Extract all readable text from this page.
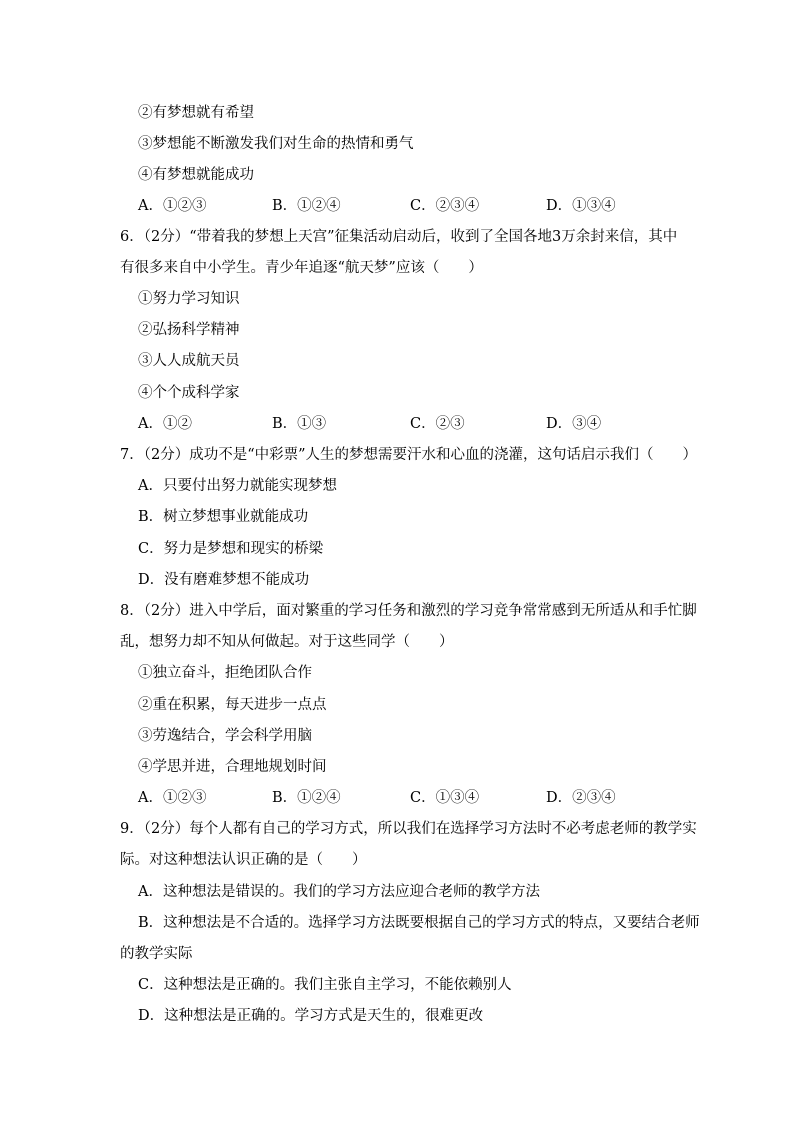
②有梦想就有希望
③梦想能不断激发我们对生命的热情和勇气
④有梦想就能成功
A．①②③	B．①②④	C．②③④	D．①③④
6．（2分）“带着我的梦想上天宫”征集活动启动后，收到了全国各地3万余封来信，其中
有很多来自中小学生。青少年追逐“航天梦”应该（　　）
①努力学习知识
②弘扬科学精神
③人人成航天员
④个个成科学家
A．①②	B．①③	C．②③	D．③④
7．（2分）成功不是“中彩票”人生的梦想需要汗水和心血的浇灌，这句话启示我们（　　）
A．只要付出努力就能实现梦想
B．树立梦想事业就能成功
C．努力是梦想和现实的桥梁
D．没有磨难梦想不能成功
8．（2分）进入中学后，面对繁重的学习任务和激烈的学习竞争常常感到无所适从和手忙脚
乱，想努力却不知从何做起。对于这些同学（　　）
①独立奋斗，拒绝团队合作
②重在积累，每天进步一点点
③劳逸结合，学会科学用脑
④学思并进，合理地规划时间
A．①②③	B．①②④	C．①③④	D．②③④
9．（2分）每个人都有自己的学习方式，所以我们在选择学习方法时不必考虑老师的教学实
际。对这种想法认识正确的是（　　）
A．这种想法是错误的。我们的学习方法应迎合老师的教学方法
B．这种想法是不合适的。选择学习方法既要根据自己的学习方式的特点，又要结合老师
的教学实际
C．这种想法是正确的。我们主张自主学习，不能依赖别人
D．这种想法是正确的。学习方式是天生的，很难更改
